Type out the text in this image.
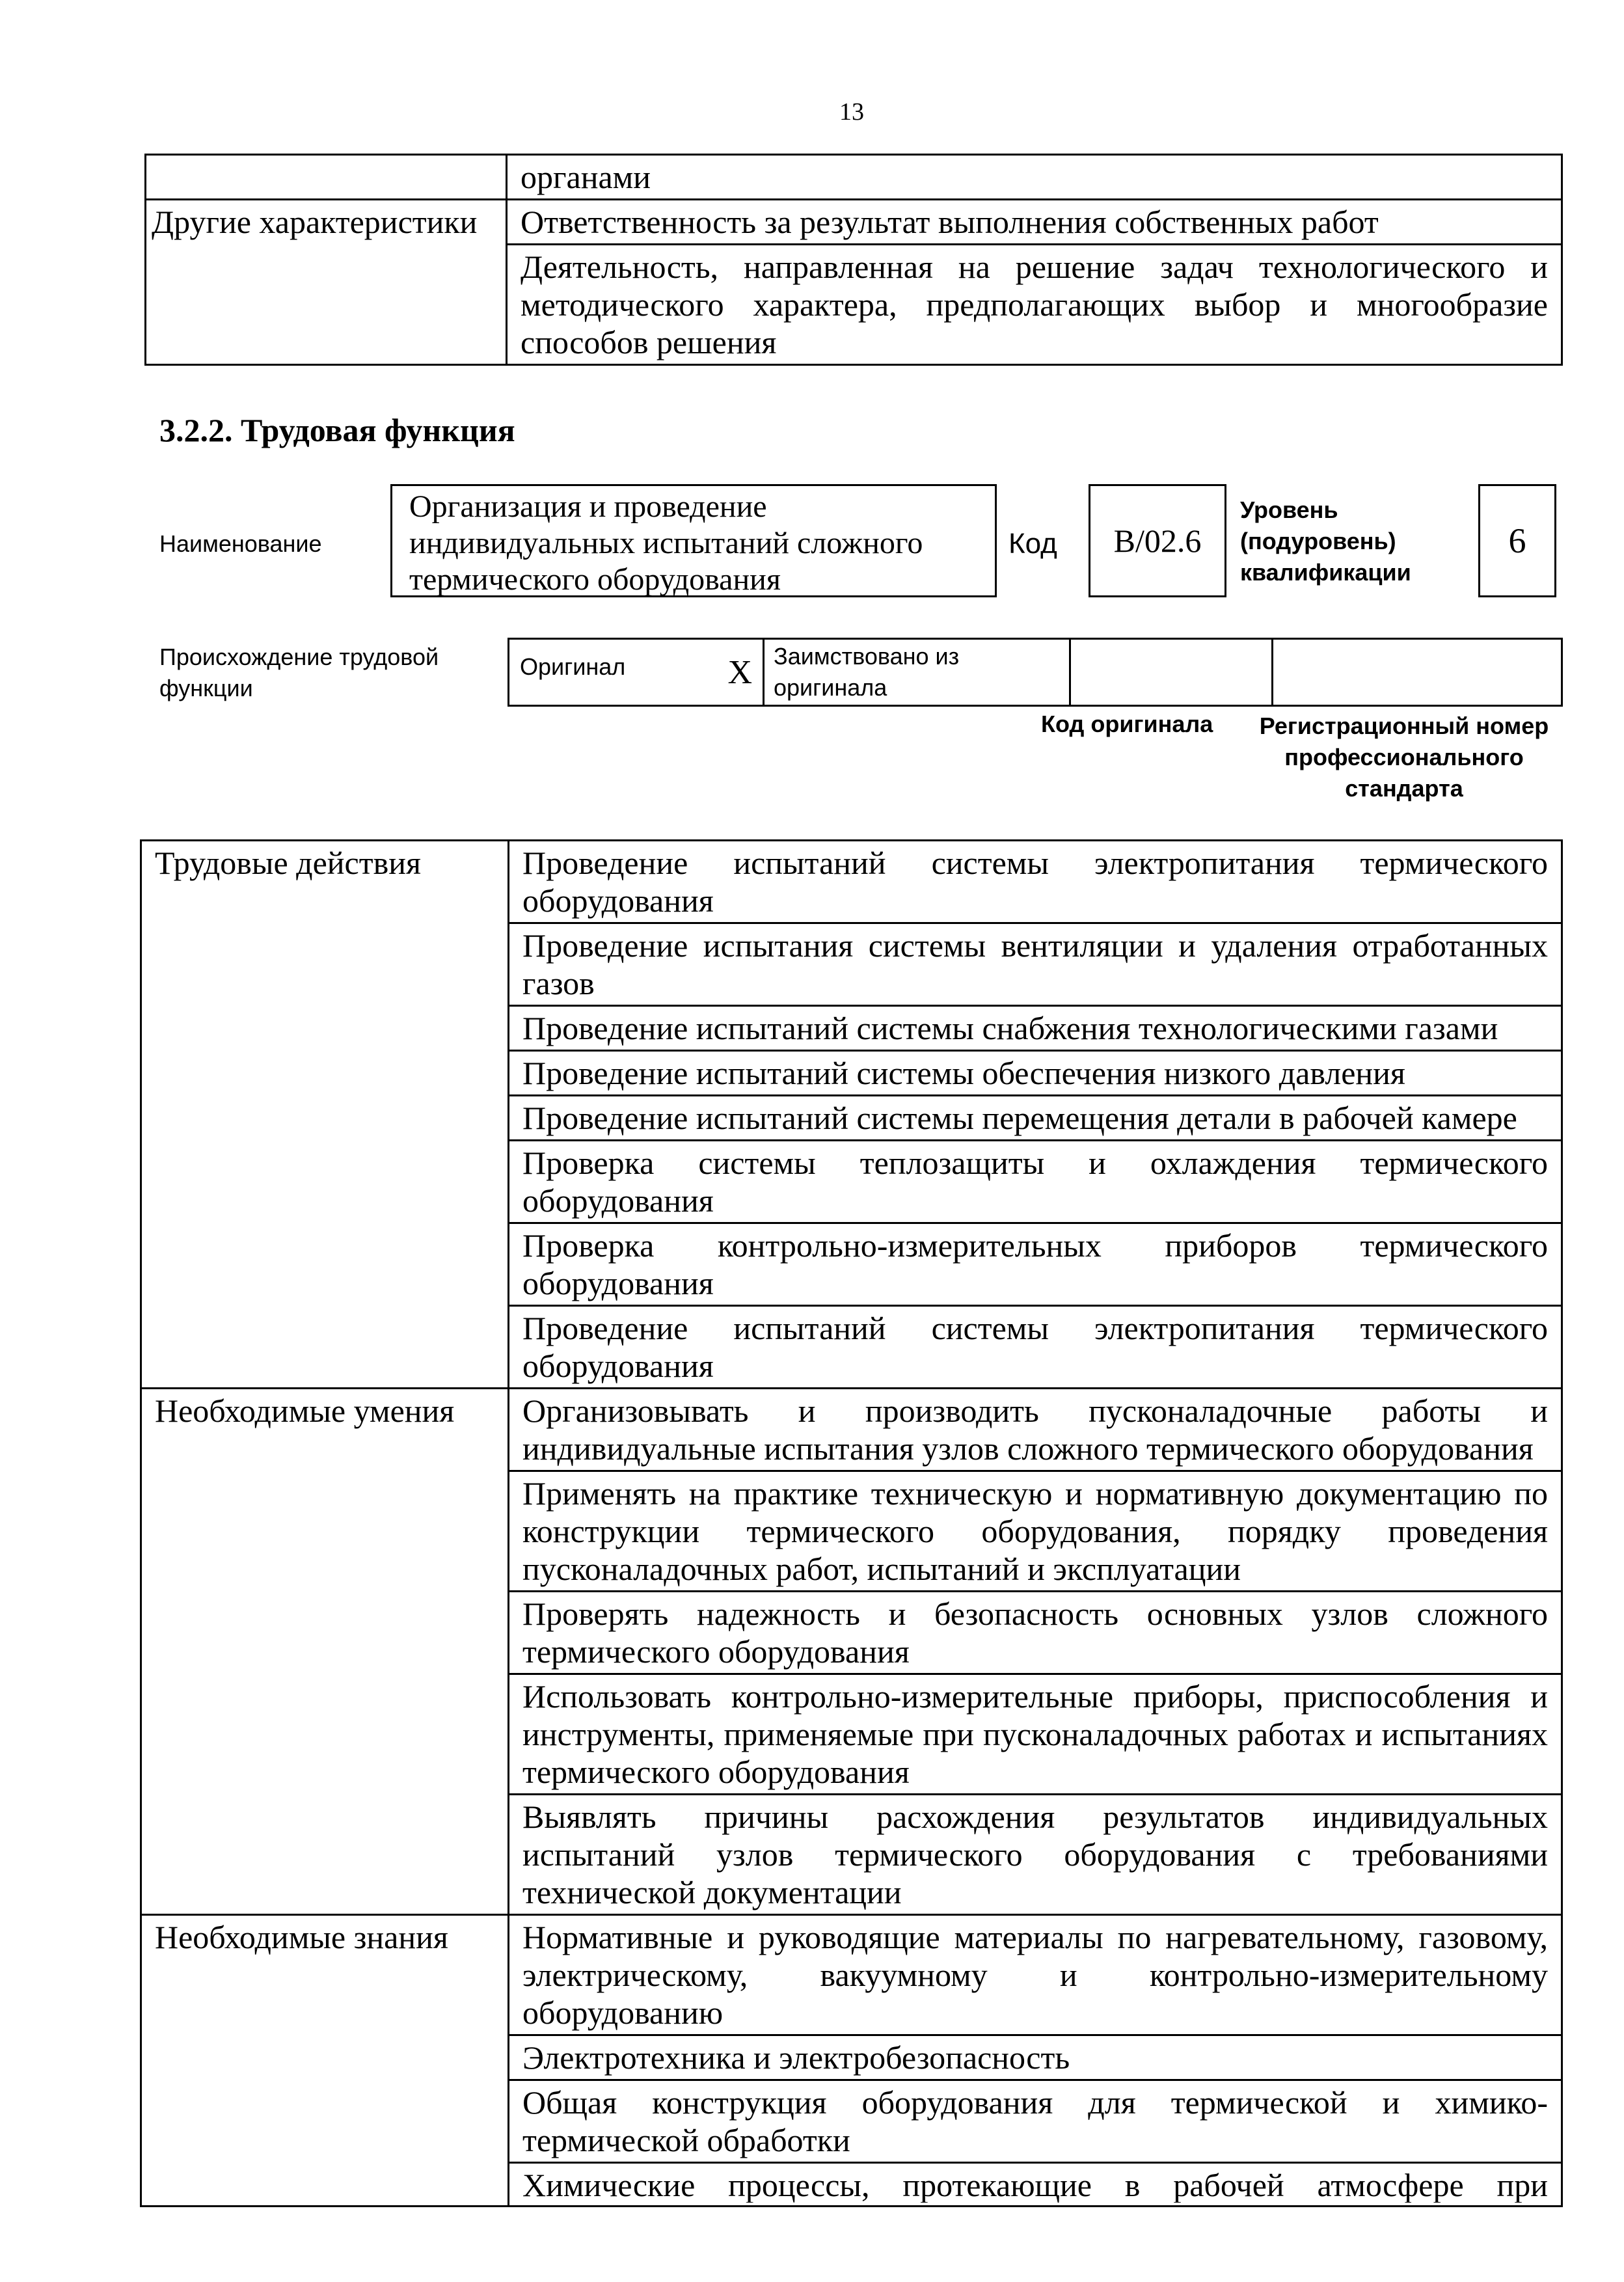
13
	органами
Другие характеристики	Ответственность за результат выполнения собственных работ
	Деятельность, направленная на решение задач технологического и методического характера, предполагающих выбор и многообразие способов решения
3.2.2. Трудовая функция
Наименование
Организация и проведение индивидуальных испытаний сложного термического оборудования
Код	B/02.6
Уровень (подуровень) квалификации
6
Происхождение трудовой функции
Оригинал	X	Заимствовано из оригинала		
Код оригинала	Регистрационный номер профессионального стандарта
Трудовые действия	Проведение испытаний системы электропитания термического оборудования
	Проведение испытания системы вентиляции и удаления отработанных газов
	Проведение испытаний системы снабжения технологическими газами
	Проведение испытаний системы обеспечения низкого давления
	Проведение испытаний системы перемещения детали в рабочей камере
	Проверка системы теплозащиты и охлаждения термического оборудования
	Проверка контрольно-измерительных приборов термического оборудования
	Проведение испытаний системы электропитания термического оборудования
Необходимые умения	Организовывать и производить пусконаладочные работы и индивидуальные испытания узлов сложного термического оборудования
	Применять на практике техническую и нормативную документацию по конструкции термического оборудования, порядку проведения пусконаладочных работ, испытаний и эксплуатации
	Проверять надежность и безопасность основных узлов сложного термического оборудования
	Использовать контрольно-измерительные приборы, приспособления и инструменты, применяемые при пусконаладочных работах и испытаниях термического оборудования
	Выявлять причины расхождения результатов индивидуальных испытаний узлов термического оборудования с требованиями технической документации
Необходимые знания	Нормативные и руководящие материалы по нагревательному, газовому, электрическому, вакуумному и контрольно-измерительному оборудованию
	Электротехника и электробезопасность
	Общая конструкция оборудования для термической и химико-термической обработки

	Химические процессы, протекающие в рабочей атмосфере при
